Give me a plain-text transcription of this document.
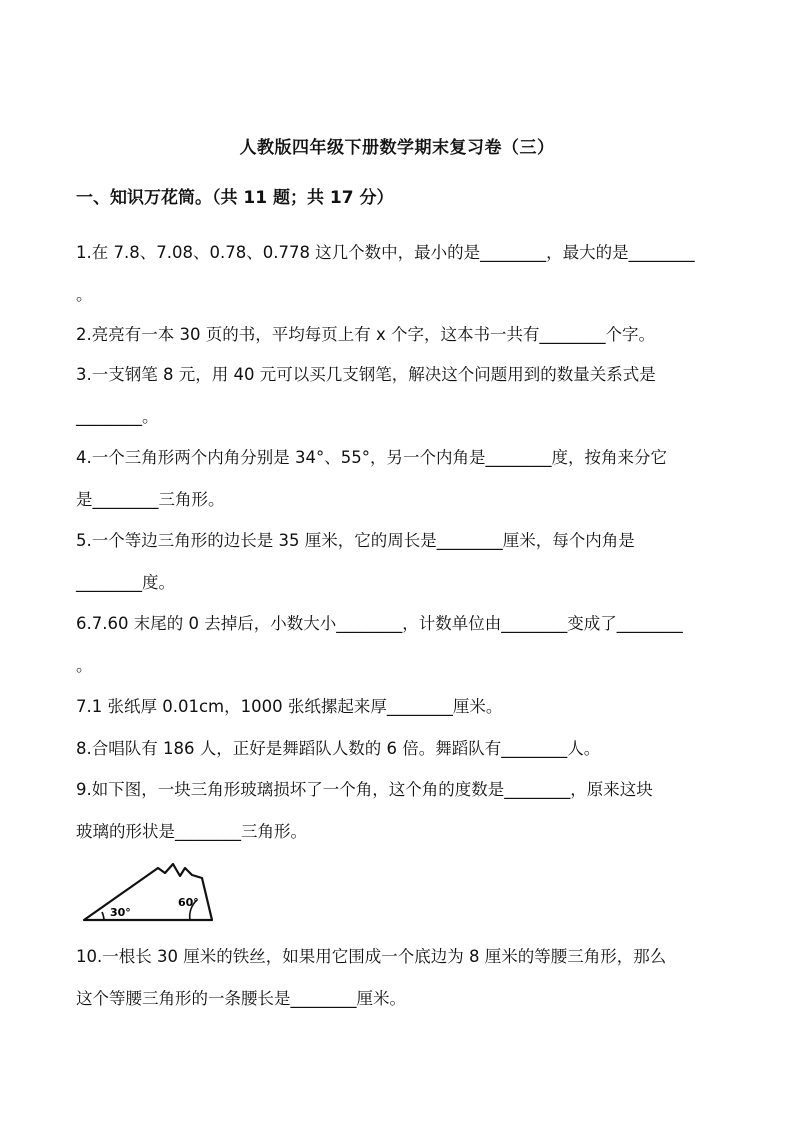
人教版四年级下册数学期末复习卷（三）
一、知识万花筒。（共 11 题；共 17 分）
1.在 7.8、7.08、0.78、0.778 这几个数中，最小的是________，最大的是________
。
2.亮亮有一本 30 页的书，平均每页上有 x 个字，这本书一共有________个字。
3.一支钢笔 8 元，用 40 元可以买几支钢笔，解决这个问题用到的数量关系式是
________。
4.一个三角形两个内角分别是 34°、55°，另一个内角是________度，按角来分它
是________三角形。
5.一个等边三角形的边长是 35 厘米，它的周长是________厘米，每个内角是
________度。
6.7.60 末尾的 0 去掉后，小数大小________，计数单位由________变成了________
。
7.1 张纸厚 0.01cm，1000 张纸摞起来厚________厘米。
8.合唱队有 186 人，正好是舞蹈队人数的 6 倍。舞蹈队有________人。
9.如下图，一块三角形玻璃损坏了一个角，这个角的度数是________，原来这块
玻璃的形状是________三角形。
30°
60°
10.一根长 30 厘米的铁丝，如果用它围成一个底边为 8 厘米的等腰三角形，那么
这个等腰三角形的一条腰长是________厘米。
